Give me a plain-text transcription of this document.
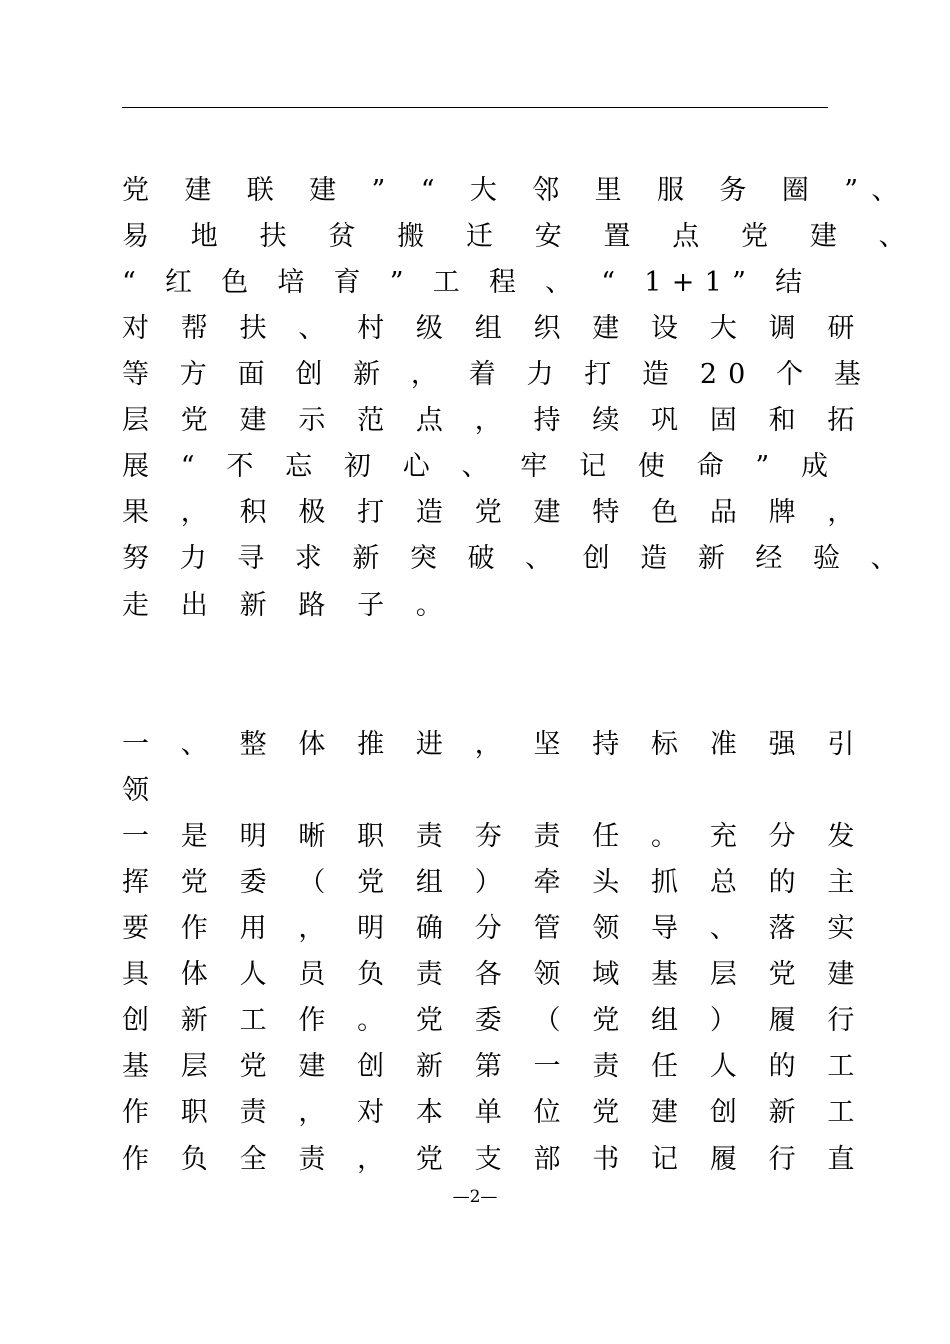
党 建 联 建 ” “ 大 邻 里 服 务 圈 ”、
易 地 扶 贫 搬 迁 安 置 点 党 建 、
“ 红 色 培 育 ” 工 程 、 “ 1+1” 结
对 帮 扶 、 村 级 组 织 建 设 大 调 研
等 方 面 创 新 ， 着 力 打 造 20 个 基
层 党 建 示 范 点 ， 持 续 巩 固 和 拓
展 “ 不 忘 初 心 、 牢 记 使 命 ” 成
果 ， 积 极 打 造 党 建 特 色 品 牌 ，
努 力 寻 求 新 突 破 、 创 造 新 经 验 、
走 出 新 路 子 。
一 、 整 体 推 进 ， 坚 持 标 准 强 引
领
一 是 明 晰 职 责 夯 责 任 。 充 分 发
挥 党 委 （ 党 组 ） 牵 头 抓 总 的 主
要 作 用 ， 明 确 分 管 领 导 、 落 实
具 体 人 员 负 责 各 领 域 基 层 党 建
创 新 工 作 。 党 委 （ 党 组 ） 履 行
基 层 党 建 创 新 第 一 责 任 人 的 工
作 职 责 ， 对 本 单 位 党 建 创 新 工
作 负 全 责 ， 党 支 部 书 记 履 行 直
—2—
